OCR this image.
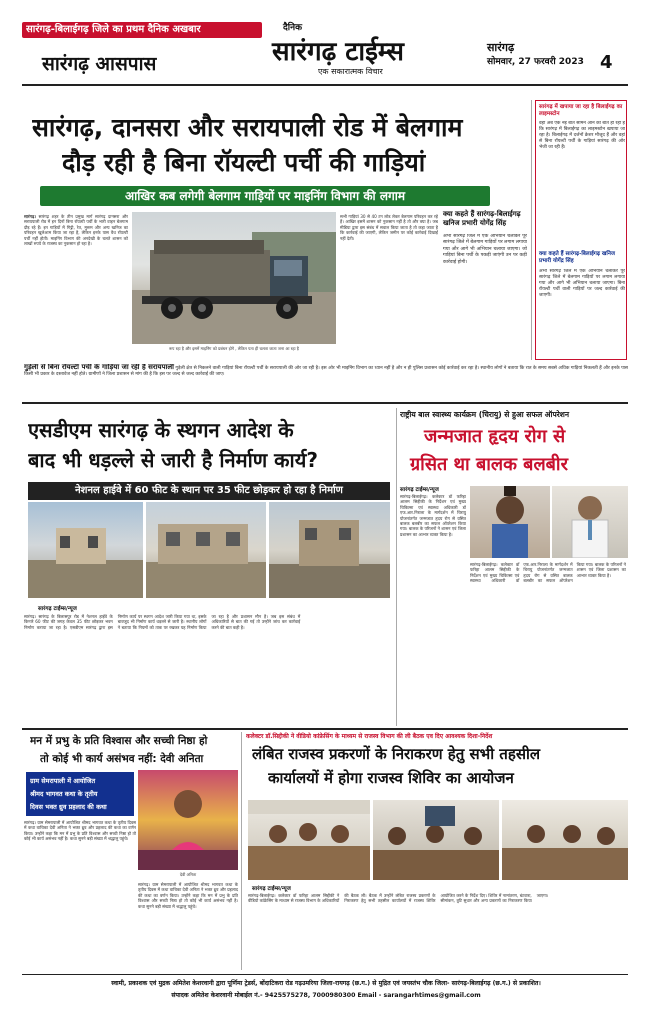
सारंगढ़-बिलाईगढ़ जिले का प्रथम दैनिक अखबार
सारंगढ़ आसपास
दैनिक
सारंगढ़ टाईम्स
एक सकारात्मक विचार
सारंगढ़
सोमवार, 27 फरवरी 2023 4
सारंगढ़, दानसरा और सरायपाली रोड में बेलगाम
दौड़ रही है बिना रॉयल्टी पर्ची की गाड़ियां
आखिर कब लगेगी बेलगाम गाड़ियों पर माइनिंग विभाग की लगाम
सारंगढ़। सारंगढ़ शहर के तीन प्रमुख मार्ग सारंगढ़ दानसरा और सरायपाली रोड में इन दिनों बिना रॉयल्टी पर्ची के भारी वाहन बेलगाम दौड़ रहे हैं। इन गाड़ियों में गिट्टी, रेत, मुरूम और अन्य खनिज का परिवहन खुलेआम किया जा रहा है, लेकिन इनके पास वैध रॉयल्टी पर्ची नहीं होती। माइनिंग विभाग की अनदेखी के चलते शासन को लाखों रुपये के राजस्व का नुकसान हो रहा है।
रूप रहा है और इसमें माइनिंग को प्रबंधन होगे , लेकिन पता ही चलता जाता जना आ रहा है
सभी गाड़ियां 30 से 40 टन लोड लेकर बेलगाम परिवहन कर रहे हैं। आखिर इसमें शासन को नुकसान नहीं है तो और क्या है। जब मीडिया द्वारा इस संबंध में सवाल किया जाता है तो कहा जाता है कि कार्रवाई की जाएगी, लेकिन जमीन पर कोई कार्रवाई दिखाई नहीं देती।
क्या कहते हैं सारंगढ़-बिलाईगढ़ खनिज प्रभारी योगेंद्र सिंह
अभी सारंगढ़ जिले में एक अभियान चलाकर पूरे सारंगढ़ जिले में बेलगाम गाड़ियों पर लगाम लगाया गया और आगे भी अभियान चलाया जाएगा। जो गाड़ियां बिना पर्ची के पकड़ी जाएंगी उन पर कड़ी कार्रवाई होगी।
सारंगढ़ में खपाया जा रहा है बिलाईगढ़ का लाइमस्टोन
वहीं अब एक नई बात सामने आने की बात हो रही है कि सारंगढ़ में बिलाईगढ़ का लाइमस्टोन खपाया जा रहा है। बिलाईगढ़ में दर्जनों क्रेशर मौजूद हैं और वहां से बिना रॉयल्टी पर्ची के गाड़ियां सारंगढ़ की ओर भेजी जा रही हैं।
क्या कहते हैं सारंगढ़-बिलाईगढ़ खनिज प्रभारी योगेंद्र सिंह
अभी सारंगढ़ जिले में एक अभियान चलाकर पूरे सारंगढ़ जिले में बेलगाम गाड़ियों पर लगाम लगाया गया और आगे भी अभियान चलाया जाएगा। बिना रॉयल्टी पर्ची वाली गाड़ियों पर जल्द कार्रवाई की जाएगी।
गुड़ेली से बिना रॉयल्टी पर्ची के गाड़ियां जा रही है सरायपाली गुड़ेली क्षेत्र से निकलने वाली गाड़ियां बिना रॉयल्टी पर्ची के सरायपाली की ओर जा रही है। इस ओर भी माइनिंग विभाग का ध्यान नहीं है और न ही पुलिस प्रशासन कोई कार्रवाई कर रहा है। स्थानीय लोगों ने बताया कि रात के समय सबसे अधिक गाड़ियां निकलती हैं और इनके पास किसी भी प्रकार के दस्तावेज नहीं होते। ग्रामीणों ने जिला प्रशासन से मांग की है कि इस पर जल्द से जल्द कार्रवाई की जाए।
एसडीएम सारंगढ़ के स्थगन आदेश के
बाद भी धड़ल्ले से जारी है निर्माण कार्य?
नेशनल हाईवे में 60 फीट के स्थान पर 35 फीट छोड़कर हो रहा है निर्माण
सारंगढ़ टाईम्स/न्यूज
सारंगढ़। सारंगढ़ के बिलासपुर रोड में नेशनल हाईवे के किनारे 60 फीट की जगह केवल 35 फीट छोड़कर भवन निर्माण कराया जा रहा है। एसडीएम सारंगढ़ द्वारा इस निर्माण कार्य पर स्थगन आदेश जारी किया गया था, इसके बावजूद भी निर्माण कार्य धड़ल्ले से जारी है। स्थानीय लोगों ने बताया कि नियमों को ताक पर रखकर यह निर्माण किया जा रहा है और प्रशासन मौन है। जब इस संबंध में अधिकारियों से बात की गई तो उन्होंने जांच कर कार्रवाई करने की बात कही है।
राष्ट्रीय बाल स्वास्थ्य कार्यक्रम (चिरायु) से हुआ सफल ऑपरेशन
जन्मजात हृदय रोग से
ग्रसित था बालक बलबीर
सारंगढ़ टाईम्स/न्यूज
सारंगढ़-बिलाईगढ़। कलेक्टर डॉ फरिहा आलम सिद्दीकी के निर्देशन एवं मुख्य चिकित्सा एवं स्वास्थ्य अधिकारी डॉ एफ.आर.निराला के मार्गदर्शन में चिरायु योजनांतर्गत जन्मजात हृदय रोग से ग्रसित बालक बलबीर का सफल ऑपरेशन किया गया। बालक के परिजनों ने शासन एवं जिला प्रशासन का आभार व्यक्त किया है।
सारंगढ़-बिलाईगढ़। कलेक्टर डॉ फरिहा आलम सिद्दीकी के निर्देशन एवं मुख्य चिकित्सा एवं स्वास्थ्य अधिकारी डॉ एफ.आर.निराला के मार्गदर्शन में चिरायु योजनांतर्गत जन्मजात हृदय रोग से ग्रसित बालक बलबीर का सफल ऑपरेशन किया गया। बालक के परिजनों ने शासन एवं जिला प्रशासन का आभार व्यक्त किया है।
मन में प्रभु के प्रति विश्वास और सच्ची निष्ठा हो
तो कोई भी कार्य असंभव नहीं: देवी अनिता
ग्राम सेमरापाली में आयोजित
श्रीमद भागवत कथा के तृतीय
दिवस भक्त ध्रुव प्रहलाद की कथा
देवी अनिता
सारंगढ़। ग्राम सेमरापाली में आयोजित श्रीमद भागवत कथा के तृतीय दिवस में कथा वाचिका देवी अनिता ने भक्त ध्रुव और प्रहलाद की कथा का वर्णन किया। उन्होंने कहा कि मन में प्रभु के प्रति विश्वास और सच्ची निष्ठा हो तो कोई भी कार्य असंभव नहीं है। कथा सुनने बड़ी संख्या में श्रद्धालु पहुंचे।
सारंगढ़। ग्राम सेमरापाली में आयोजित श्रीमद भागवत कथा के तृतीय दिवस में कथा वाचिका देवी अनिता ने भक्त ध्रुव और प्रहलाद की कथा का वर्णन किया। उन्होंने कहा कि मन में प्रभु के प्रति विश्वास और सच्ची निष्ठा हो तो कोई भी कार्य असंभव नहीं है। कथा सुनने बड़ी संख्या में श्रद्धालु पहुंचे।
कलेक्टर डॉ.सिद्दीकी ने वीडियो कांफ्रेसिंग के माध्यम से राजस्व विभाग की ली बैठक एव दिए आवश्यक दिशा-निर्देश
लंबित राजस्व प्रकरणों के निराकरण हेतु सभी तहसील
कार्यालयों में होगा राजस्व शिविर का आयोजन
सारंगढ़ टाईम्स/न्यूज
सारंगढ़-बिलाईगढ़। कलेक्टर डॉ फरिहा आलम सिद्दीकी ने वीडियो कांफ्रेसिंग के माध्यम से राजस्व विभाग के अधिकारियों की बैठक ली। बैठक में उन्होंने लंबित राजस्व प्रकरणों के निराकरण हेतु सभी तहसील कार्यालयों में राजस्व शिविर आयोजित करने के निर्देश दिए। शिविर में नामांतरण, बंटवारा, सीमांकन, त्रुटि सुधार और अन्य प्रकरणों का निराकरण किया जाएगा।
स्वामी, प्रकाशक एवं मुद्रक अमितेश केशरवानी द्वारा पूर्णिमा ट्रेडर्स, बोंदाटिकरा रोड गढ़उमरिया जिला-रायगढ़ (छ.ग.) से मुद्रित एवं जयस्तंभ चौक जिला- सारंगढ़-बिलाईगढ़ (छ.ग.) से प्रकाशित।
संपादक अमितेश केशरवानी मोबाईल नं.- 9425575278, 7000980300 Email - sarangarhtimes@gmail.com
